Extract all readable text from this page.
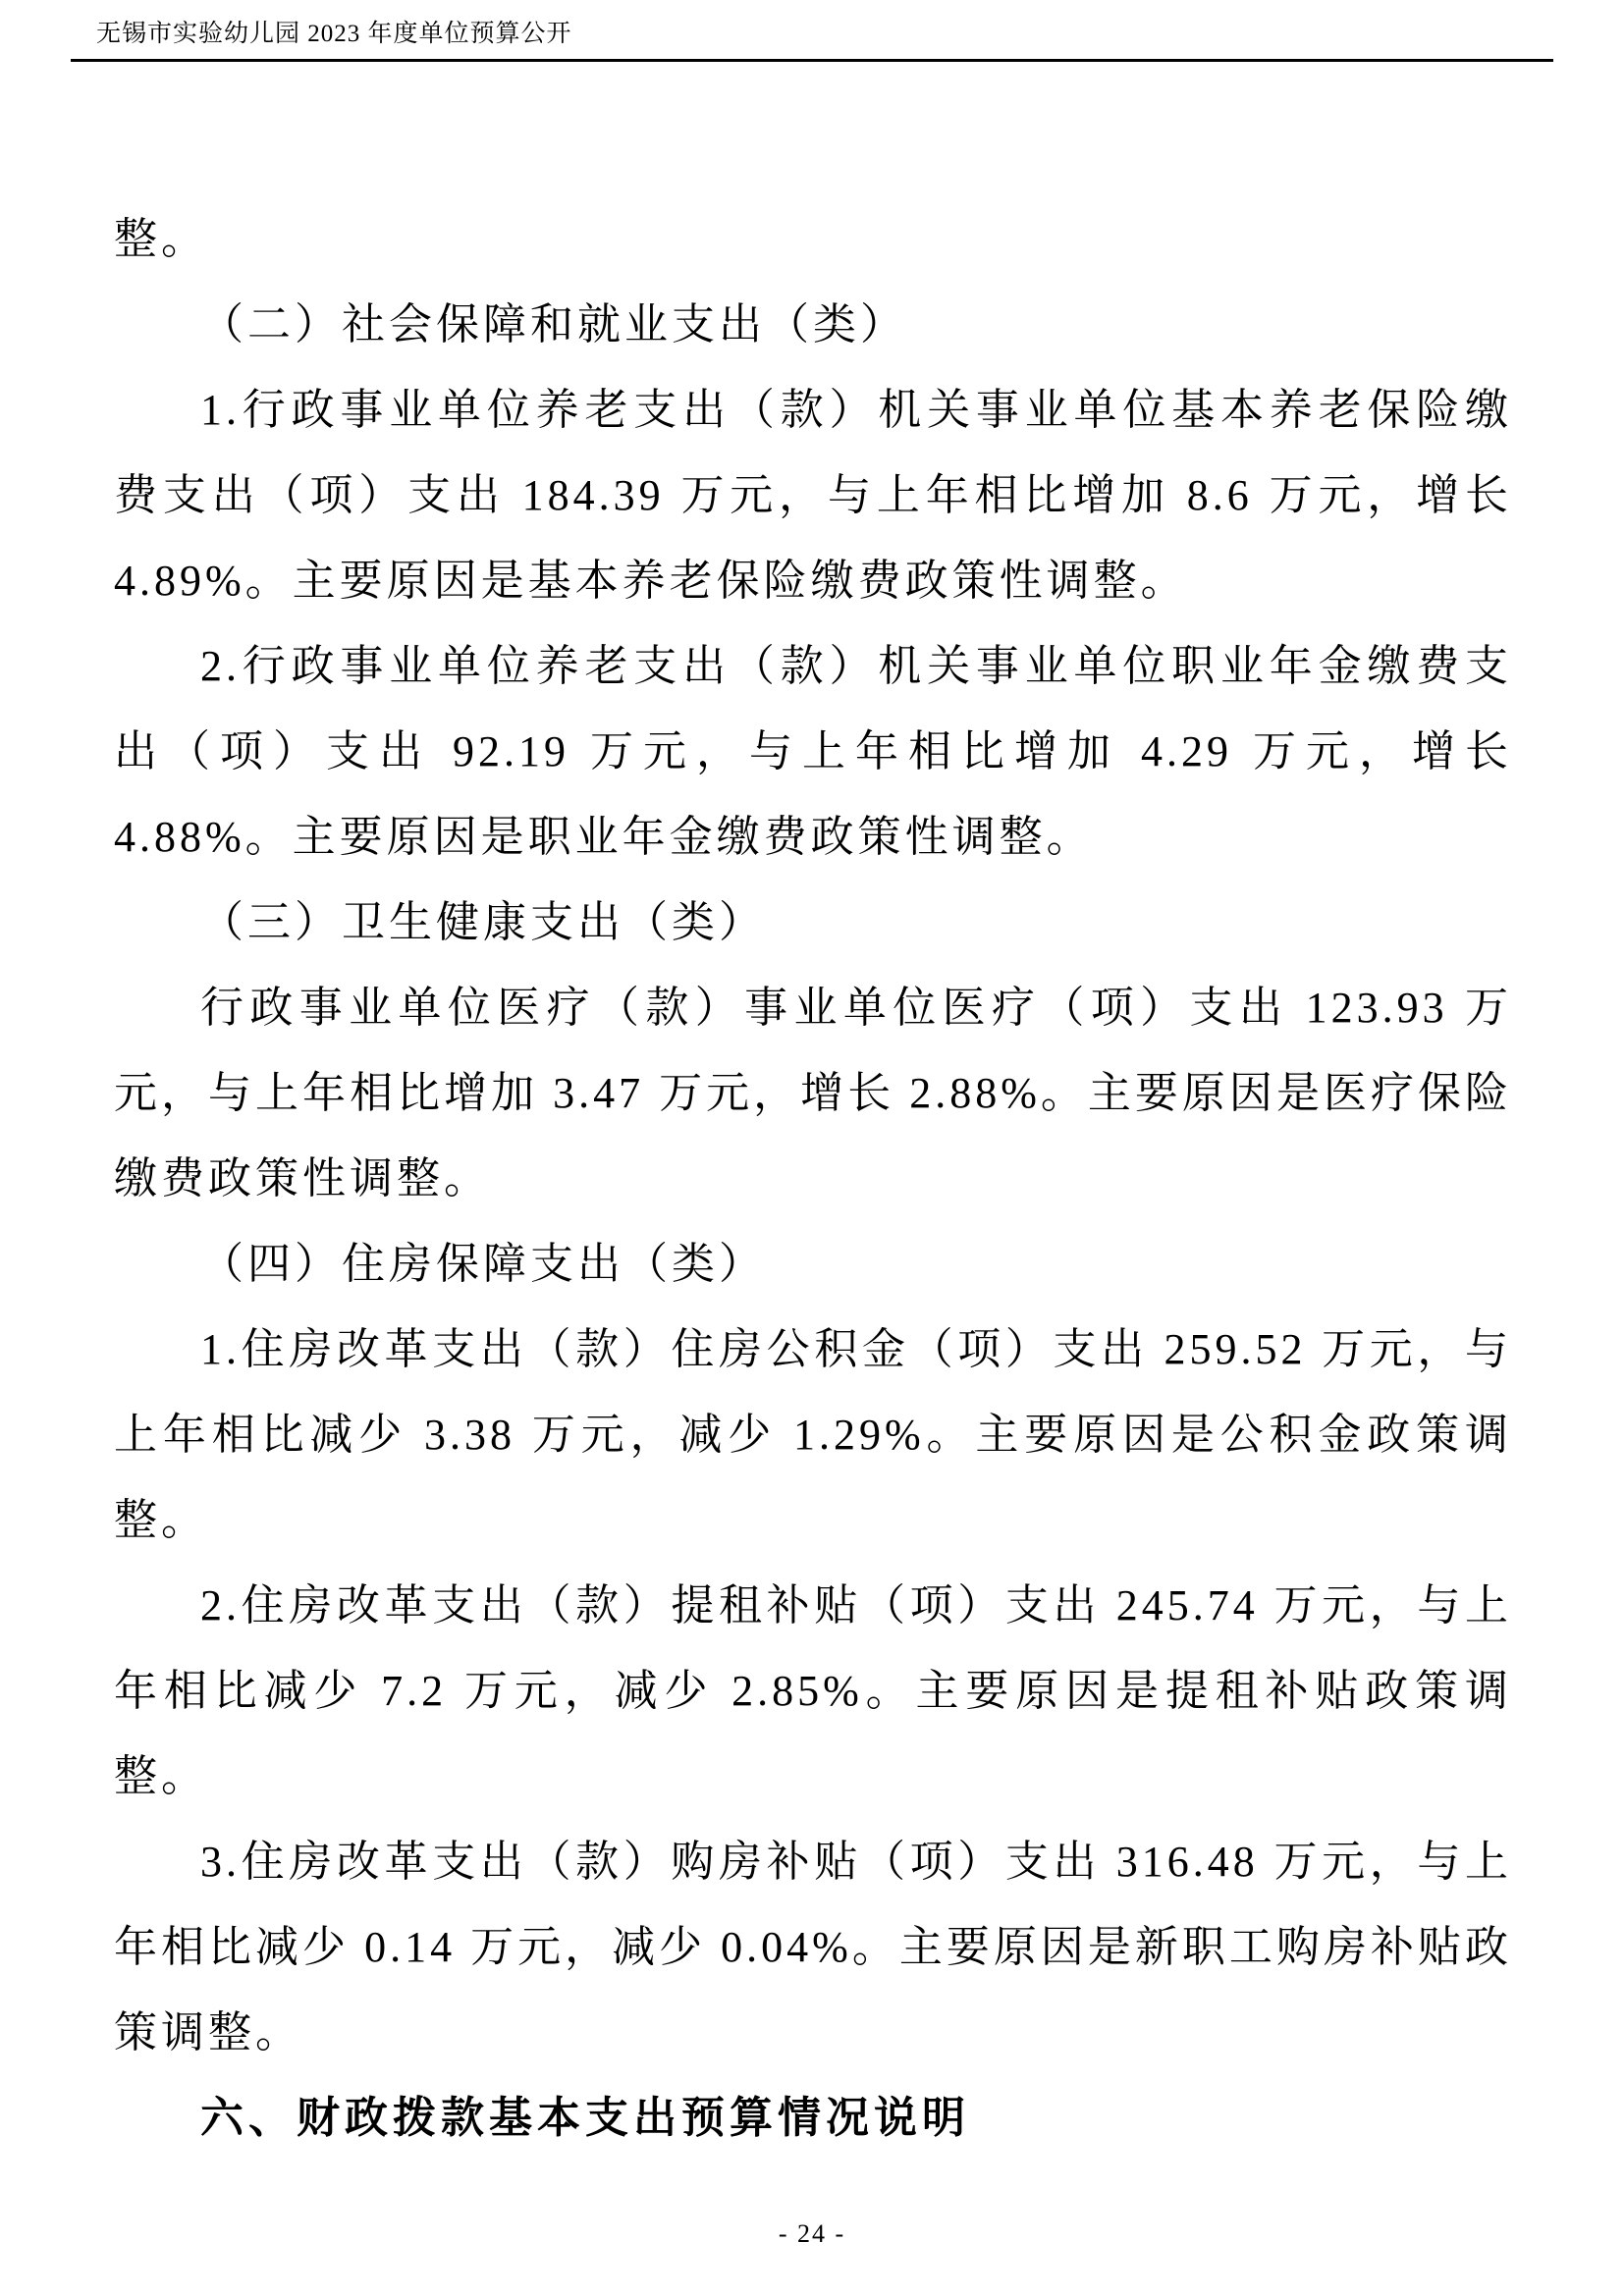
无锡市实验幼儿园 2023 年度单位预算公开

整。

（二）社会保障和就业支出（类）

1.行政事业单位养老支出（款）机关事业单位基本养老保险缴费支出（项）支出 184.39 万元，与上年相比增加 8.6 万元，增长 4.89%。主要原因是基本养老保险缴费政策性调整。

2.行政事业单位养老支出（款）机关事业单位职业年金缴费支出（项）支出 92.19 万元，与上年相比增加 4.29 万元，增长 4.88%。主要原因是职业年金缴费政策性调整。

（三）卫生健康支出（类）

行政事业单位医疗（款）事业单位医疗（项）支出 123.93 万元，与上年相比增加 3.47 万元，增长 2.88%。主要原因是医疗保险缴费政策性调整。

（四）住房保障支出（类）

1.住房改革支出（款）住房公积金（项）支出 259.52 万元，与上年相比减少 3.38 万元，减少 1.29%。主要原因是公积金政策调整。

2.住房改革支出（款）提租补贴（项）支出 245.74 万元，与上年相比减少 7.2 万元，减少 2.85%。主要原因是提租补贴政策调整。

3.住房改革支出（款）购房补贴（项）支出 316.48 万元，与上年相比减少 0.14 万元，减少 0.04%。主要原因是新职工购房补贴政策调整。

六、财政拨款基本支出预算情况说明

- 24 -
